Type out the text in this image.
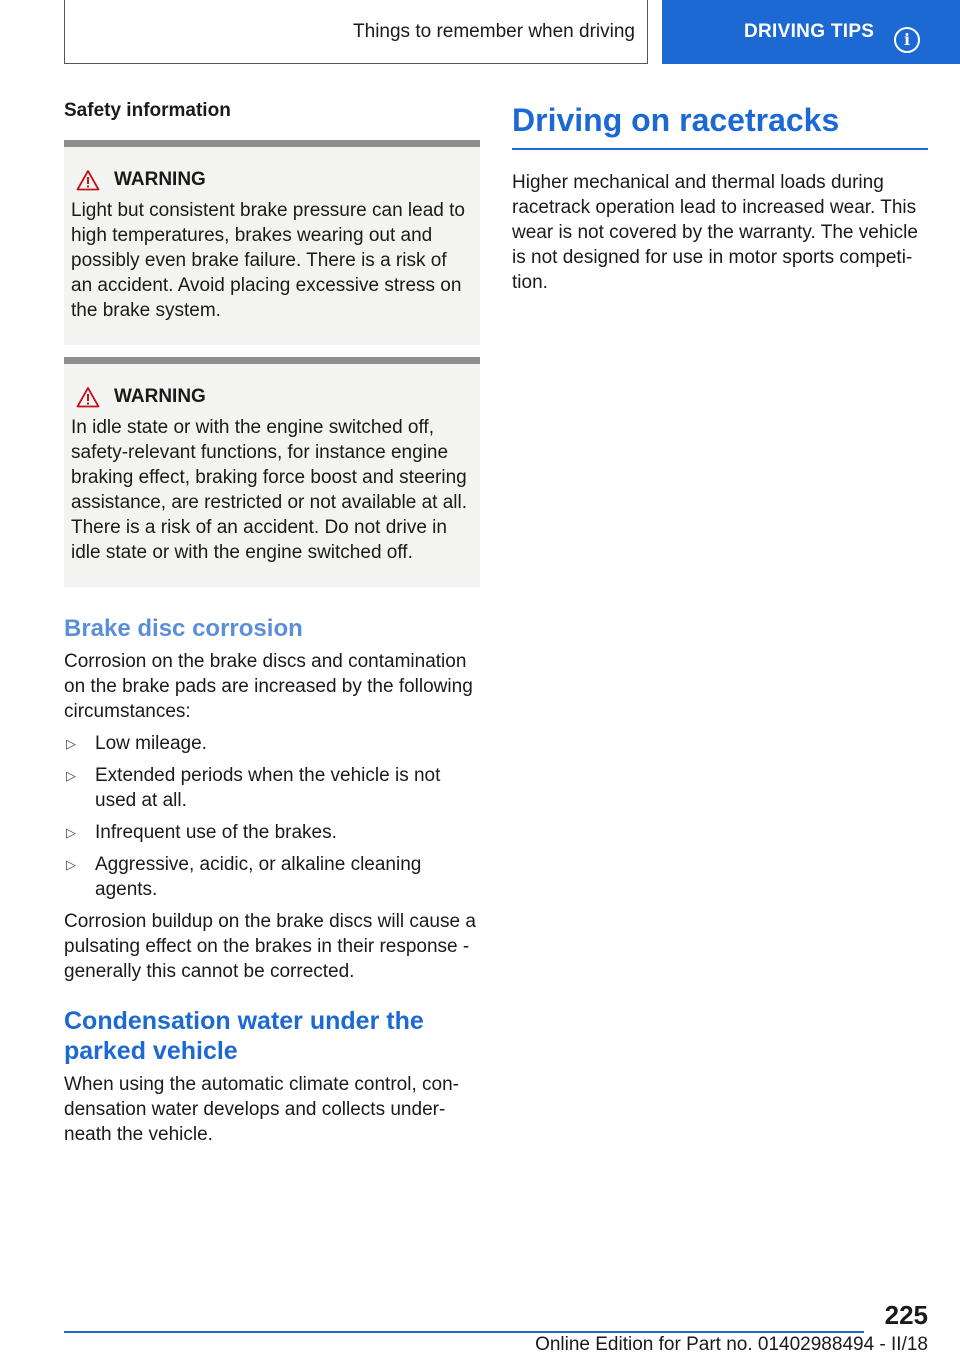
Things to remember when driving	DRIVING TIPS	i

Safety information

WARNING
Light but consistent brake pressure can lead to high temperatures, brakes wearing out and possibly even brake failure. There is a risk of an accident. Avoid placing excessive stress on the brake system.
WARNING
In idle state or with the engine switched off, safety-relevant functions, for instance engine braking effect, braking force boost and steering assistance, are restricted or not available at all. There is a risk of an accident. Do not drive in idle state or with the engine switched off.
Brake disc corrosion

Corrosion on the brake discs and contamination on the brake pads are increased by the following circumstances:

▷	Low mileage.
▷	Extended periods when the vehicle is not used at all.
▷	Infrequent use of the brakes.
▷	Aggressive, acidic, or alkaline cleaning agents.

Corrosion buildup on the brake discs will cause a pulsating effect on the brakes in their response - generally this cannot be corrected.

Condensation water under the parked vehicle

When using the automatic climate control, condensation water develops and collects underneath the vehicle.

Driving on racetracks

Higher mechanical and thermal loads during racetrack operation lead to increased wear. This wear is not covered by the warranty. The vehicle is not designed for use in motor sports competition.

225
Online Edition for Part no. 01402988494 - II/18
